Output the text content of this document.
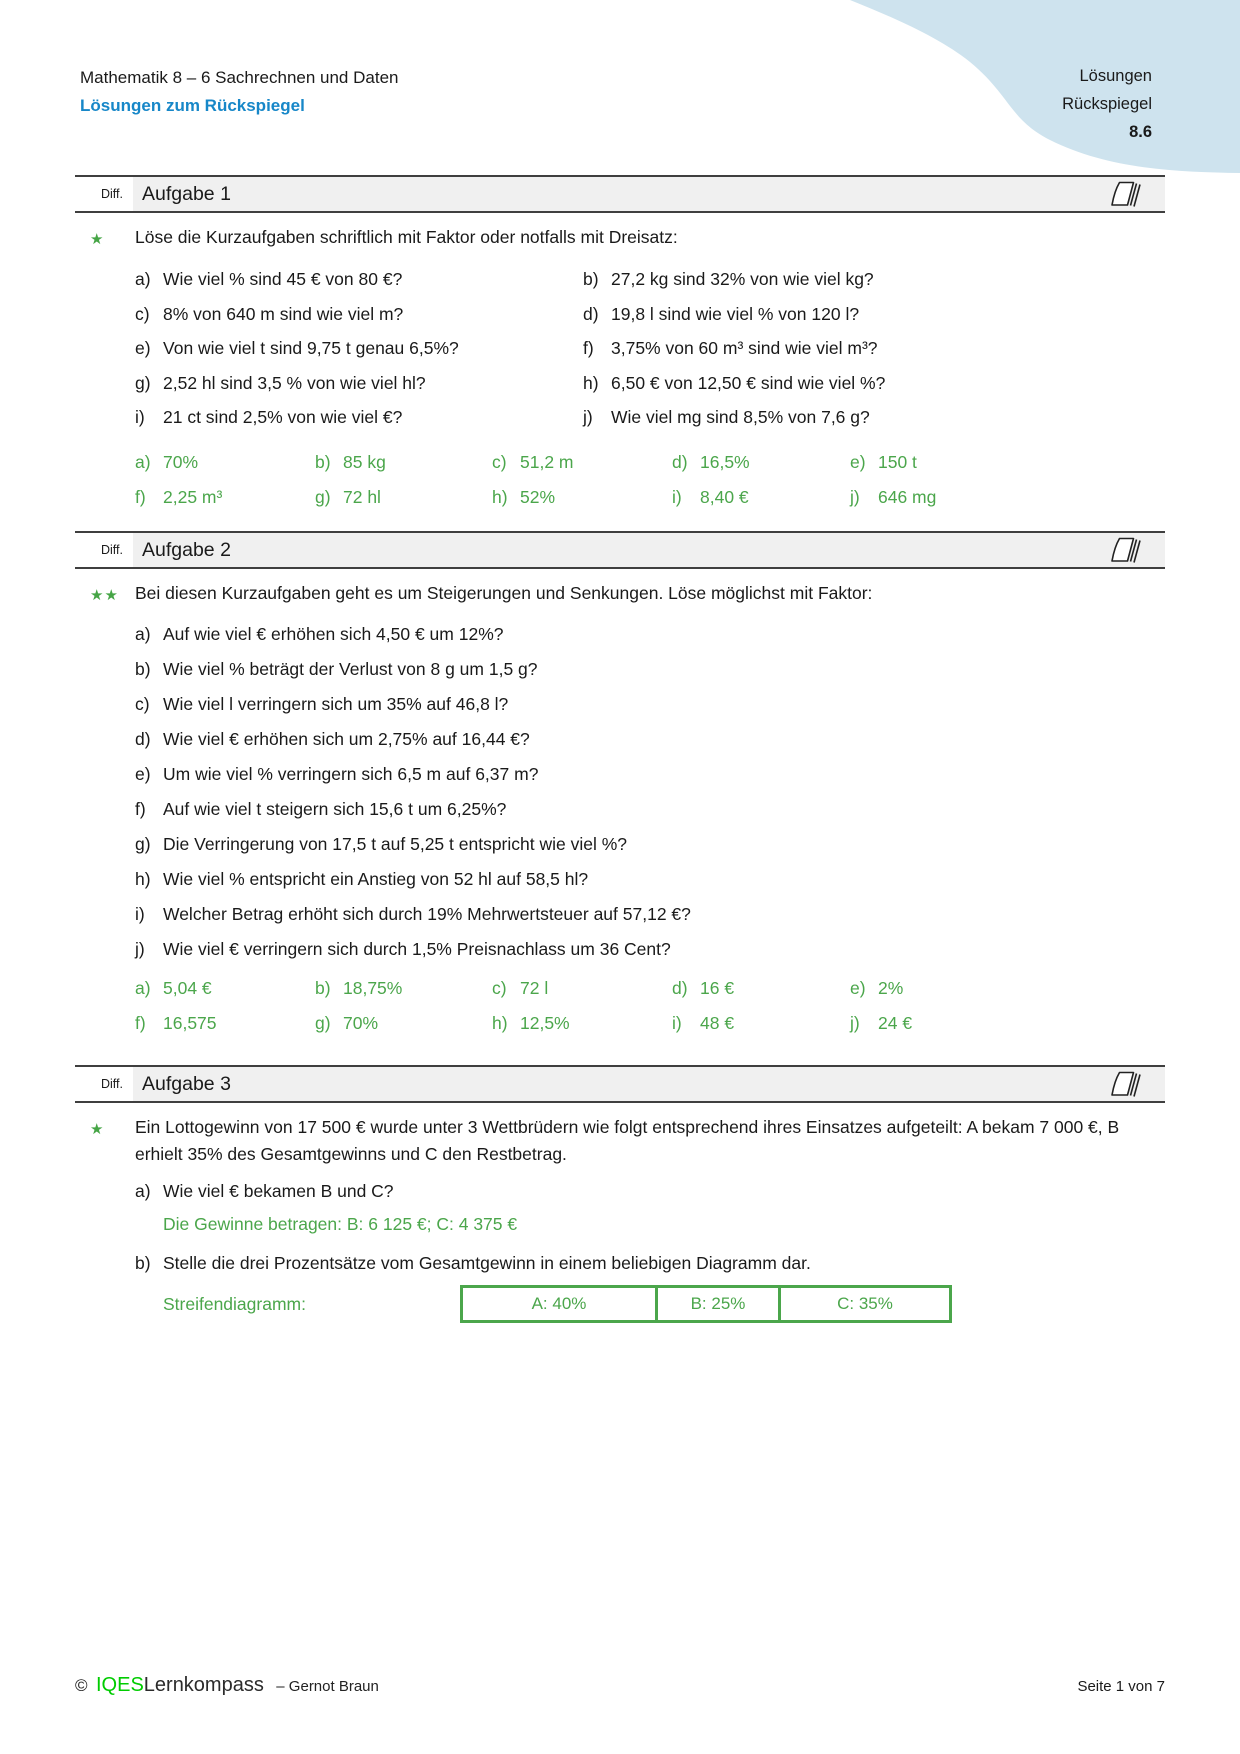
Mathematik 8 – 6 Sachrechnen und Daten
Lösungen zum Rückspiegel
Lösungen
Rückspiegel
8.6
Diff. Aufgabe 1
★	Löse die Kurzaufgaben schriftlich mit Faktor oder notfalls mit Dreisatz:
a) Wie viel % sind 45 € von 80 €?	b) 27,2 kg sind 32% von wie viel kg?
c) 8% von 640 m sind wie viel m?	d) 19,8 l sind wie viel % von 120 l?
e) Von wie viel t sind 9,75 t genau 6,5%?	f) 3,75% von 60 m³ sind wie viel m³?
g) 2,52 hl sind 3,5 % von wie viel hl?	h) 6,50 € von 12,50 € sind wie viel %?
i)	21 ct sind 2,5% von wie viel €?	j)	Wie viel mg sind 8,5% von 7,6 g?
a) 70%	b) 85 kg	c) 51,2 m	d) 16,5%	e) 150 t
f) 2,25 m³	g) 72 hl	h) 52%	i)	8,40 €	j)	646 mg
Diff. Aufgabe 2
★★ Bei diesen Kurzaufgaben geht es um Steigerungen und Senkungen. Löse möglichst mit Faktor:
a) Auf wie viel € erhöhen sich 4,50 € um 12%?
b) Wie viel % beträgt der Verlust von 8 g um 1,5 g?
c) Wie viel l verringern sich um 35% auf 46,8 l?
d) Wie viel € erhöhen sich um 2,75% auf 16,44 €?
e) Um wie viel % verringern sich 6,5 m auf 6,37 m?
f) Auf wie viel t steigern sich 15,6 t um 6,25%?
g) Die Verringerung von 17,5 t auf 5,25 t entspricht wie viel %?
h) Wie viel % entspricht ein Anstieg von 52 hl auf 58,5 hl?
i)	Welcher Betrag erhöht sich durch 19% Mehrwertsteuer auf 57,12 €?
j)	Wie viel € verringern sich durch 1,5% Preisnachlass um 36 Cent?
a) 5,04 €	b) 18,75%	c) 72 l	d) 16 €	e) 2%
f) 16,575	g) 70%	h) 12,5%	i)	48 €	j)	24 €
Diff. Aufgabe 3
★	Ein Lottogewinn von 17 500 € wurde unter 3 Wettbrüdern wie folgt entsprechend ihres Einsatzes aufgeteilt: A bekam 7 000 €, B erhielt 35% des Gesamtgewinns und C den Restbetrag.
a) Wie viel € bekamen B und C?
Die Gewinne betragen: B: 6 125 €; C: 4 375 €
b) Stelle die drei Prozentsätze vom Gesamtgewinn in einem beliebigen Diagramm dar.
Streifendiagramm:	A: 40%	B: 25%	C: 35%
© IQESLernkompass – Gernot Braun	Seite 1 von 7
